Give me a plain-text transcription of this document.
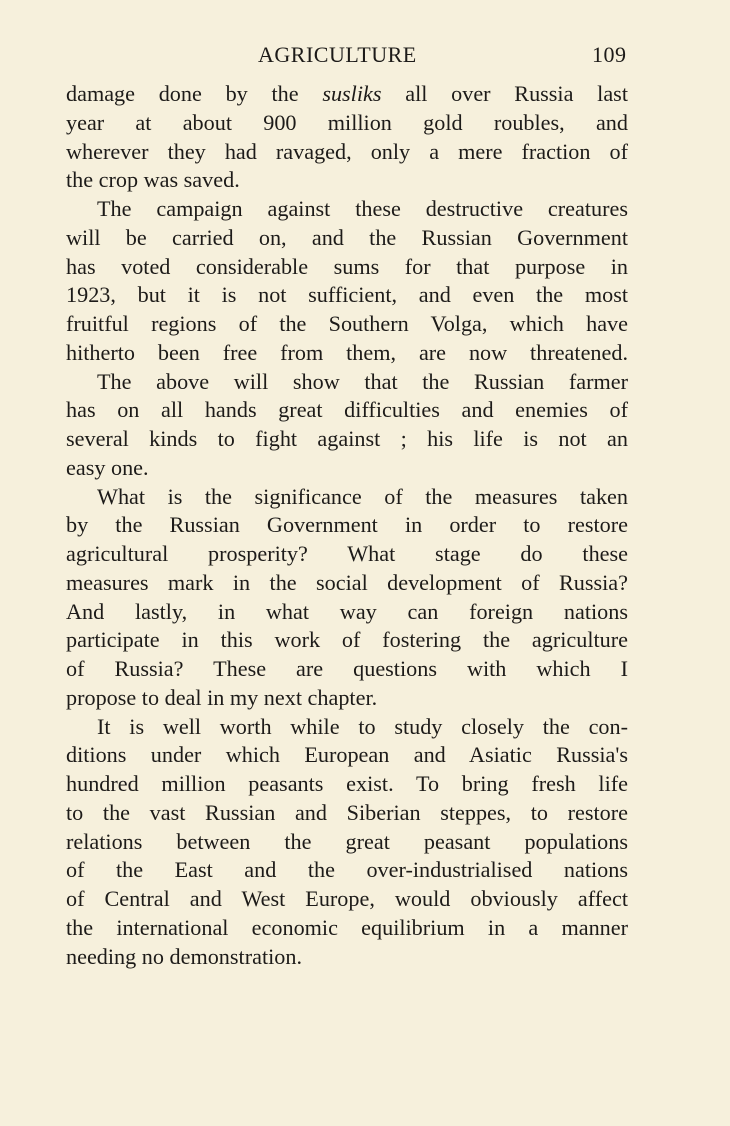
AGRICULTURE	109
damage done by the susliks all over Russia last
year at about 900 million gold roubles, and
wherever they had ravaged, only a mere fraction of
the crop was saved.
The campaign against these destructive creatures
will be carried on, and the Russian Government
has voted considerable sums for that purpose in
1923, but it is not sufficient, and even the most
fruitful regions of the Southern Volga, which have
hitherto been free from them, are now threatened.
The above will show that the Russian farmer
has on all hands great difficulties and enemies of
several kinds to fight against ; his life is not an
easy one.
What is the significance of the measures taken
by the Russian Government in order to restore
agricultural prosperity? What stage do these
measures mark in the social development of Russia?
And lastly, in what way can foreign nations
participate in this work of fostering the agriculture
of Russia? These are questions with which I
propose to deal in my next chapter.
It is well worth while to study closely the con-
ditions under which European and Asiatic Russia's
hundred million peasants exist. To bring fresh life
to the vast Russian and Siberian steppes, to restore
relations between the great peasant populations
of the East and the over-industrialised nations
of Central and West Europe, would obviously affect
the international economic equilibrium in a manner
needing no demonstration.
